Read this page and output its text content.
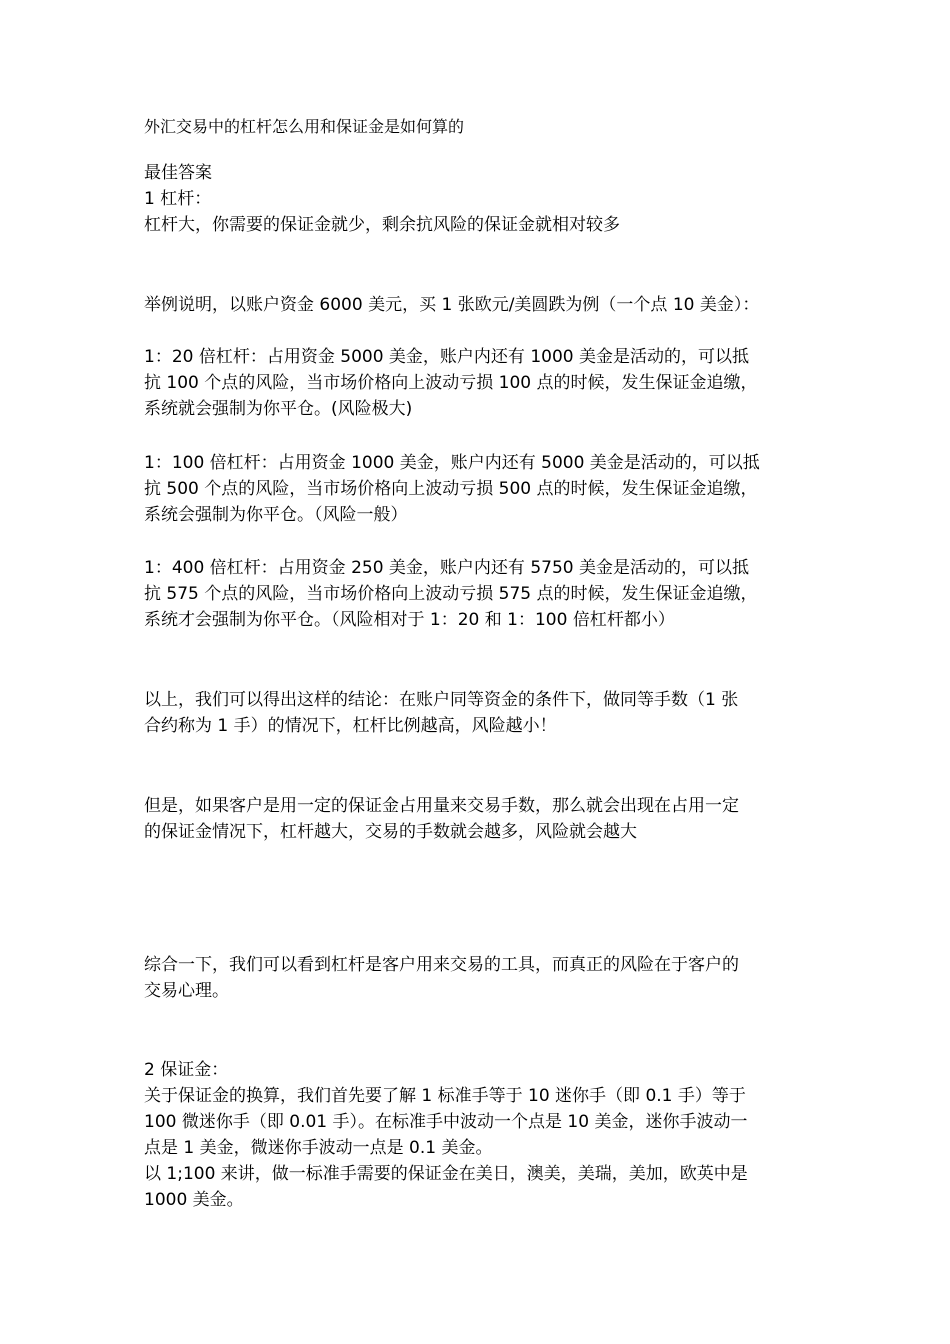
外汇交易中的杠杆怎么用和保证金是如何算的
最佳答案
1 杠杆：
杠杆大，你需要的保证金就少，剩余抗风险的保证金就相对较多
举例说明，以账户资金 6000 美元，买 1 张欧元/美圆跌为例（一个点 10 美金）：
1：20 倍杠杆：占用资金 5000 美金，账户内还有 1000 美金是活动的，可以抵
抗 100 个点的风险，当市场价格向上波动亏损 100 点的时候，发生保证金追缴，
系统就会强制为你平仓。(风险极大)
1：100 倍杠杆：占用资金 1000 美金，账户内还有 5000 美金是活动的，可以抵
抗 500 个点的风险，当市场价格向上波动亏损 500 点的时候，发生保证金追缴，
系统会强制为你平仓。（风险一般）
1：400 倍杠杆：占用资金 250 美金，账户内还有 5750 美金是活动的，可以抵
抗 575 个点的风险，当市场价格向上波动亏损 575 点的时候，发生保证金追缴，
系统才会强制为你平仓。（风险相对于 1：20 和 1：100 倍杠杆都小）
以上，我们可以得出这样的结论：在账户同等资金的条件下，做同等手数（1 张
合约称为 1 手）的情况下，杠杆比例越高，风险越小！
但是，如果客户是用一定的保证金占用量来交易手数，那么就会出现在占用一定
的保证金情况下，杠杆越大，交易的手数就会越多，风险就会越大
综合一下，我们可以看到杠杆是客户用来交易的工具，而真正的风险在于客户的
交易心理。
2 保证金：
关于保证金的换算，我们首先要了解 1 标准手等于 10 迷你手（即 0.1 手）等于
100 微迷你手（即 0.01 手）。在标准手中波动一个点是 10 美金，迷你手波动一
点是 1 美金，微迷你手波动一点是 0.1 美金。
以 1;100 来讲，做一标准手需要的保证金在美日，澳美，美瑞，美加，欧英中是
1000 美金。
